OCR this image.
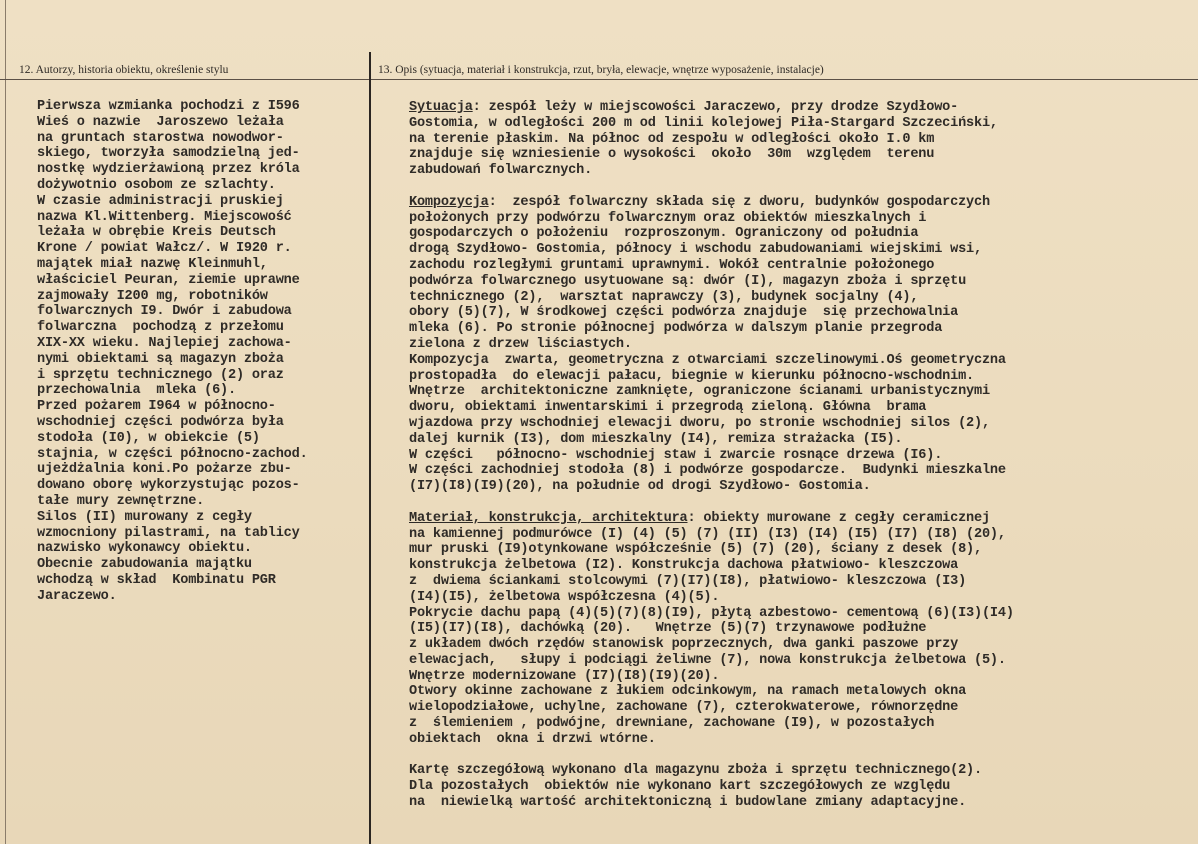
12. Autorzy, historia obiektu, określenie stylu	13. Opis (sytuacja, materiał i konstrukcja, rzut, bryła, elewacje, wnętrze wyposażenie, instalacje)
Pierwsza wzmianka pochodzi z I596
Wieś o nazwie  Jaroszewo leżała
na gruntach starostwa nowodwor-
skiego, tworzyła samodzielną jed-
nostkę wydzierżawioną przez króla
dożywotnio osobom ze szlachty.
W czasie administracji pruskiej
nazwa Kl.Wittenberg. Miejscowość
leżała w obrębie Kreis Deutsch
Krone / powiat Wałcz/. W I920 r.
majątek miał nazwę Kleinmuhl,
właściciel Peuran, ziemie uprawne
zajmowały I200 mg, robotników
folwarcznych I9. Dwór i zabudowa
folwarczna  pochodzą z przełomu
XIX-XX wieku. Najlepiej zachowa-
nymi obiektami są magazyn zboża
i sprzętu technicznego (2) oraz
przechowalnia  mleka (6).
Przed pożarem I964 w północno-
wschodniej części podwórza była
stodoła (I0), w obiekcie (5)
stajnia, w części północno-zachod.
ujeżdżalnia koni.Po pożarze zbu-
dowano oborę wykorzystując pozos-
tałe mury zewnętrzne.
Silos (II) murowany z cegły
wzmocniony pilastrami, na tablicy
nazwisko wykonawcy obiektu.
Obecnie zabudowania majątku
wchodzą w skład  Kombinatu PGR
Jaraczewo.
Sytuacja: zespół leży w miejscowości Jaraczewo, przy drodze Szydłowo-
Gostomia, w odległości 200 m od linii kolejowej Piła-Stargard Szczeciński,
na terenie płaskim. Na północ od zespołu w odległości około I.0 km
znajduje się wzniesienie o wysokości  około  30m  względem  terenu
zabudowań folwarcznych.
Kompozycja:  zespół folwarczny składa się z dworu, budynków gospodarczych
położonych przy podwórzu folwarcznym oraz obiektów mieszkalnych i
gospodarczych o położeniu  rozproszonym. Ograniczony od południa
drogą Szydłowo- Gostomia, północy i wschodu zabudowaniami wiejskimi wsi,
zachodu rozległymi gruntami uprawnymi. Wokół centralnie położonego
podwórza folwarcznego usytuowane są: dwór (I), magazyn zboża i sprzętu
technicznego (2),  warsztat naprawczy (3), budynek socjalny (4),
obory (5)(7), W środkowej części podwórza znajduje  się przechowalnia
mleka (6). Po stronie północnej podwórza w dalszym planie przegroda
zielona z drzew liściastych.
Kompozycja  zwarta, geometryczna z otwarciami szczelinowymi.Oś geometryczna
prostopadła  do elewacji pałacu, biegnie w kierunku północno-wschodnim.
Wnętrze  architektoniczne zamknięte, ograniczone ścianami urbanistycznymi
dworu, obiektami inwentarskimi i przegrodą zieloną. Główna  brama
wjazdowa przy wschodniej elewacji dworu, po stronie wschodniej silos (2),
dalej kurnik (I3), dom mieszkalny (I4), remiza strażacka (I5).
W części   północno- wschodniej staw i zwarcie rosnące drzewa (I6).
W części zachodniej stodoła (8) i podwórze gospodarcze.  Budynki mieszkalne
(I7)(I8)(I9)(20), na południe od drogi Szydłowo- Gostomia.
Materiał, konstrukcja, architektura: obiekty murowane z cegły ceramicznej
na kamiennej podmurówce (I) (4) (5) (7) (II) (I3) (I4) (I5) (I7) (I8) (20),
mur pruski (I9)otynkowane współcześnie (5) (7) (20), ściany z desek (8),
konstrukcja żelbetowa (I2). Konstrukcja dachowa płatwiowo- kleszczowa
z  dwiema ściankami stolcowymi (7)(I7)(I8), płatwiowo- kleszczowa (I3)
(I4)(I5), żelbetowa współczesna (4)(5).
Pokrycie dachu papą (4)(5)(7)(8)(I9), płytą azbestowo- cementową (6)(I3)(I4)
(I5)(I7)(I8), dachówką (20).   Wnętrze (5)(7) trzynawowe podłużne
z układem dwóch rzędów stanowisk poprzecznych, dwa ganki paszowe przy
elewacjach,   słupy i podciągi żeliwne (7), nowa konstrukcja żelbetowa (5).
Wnętrze modernizowane (I7)(I8)(I9)(20).
Otwory okinne zachowane z łukiem odcinkowym, na ramach metalowych okna
wielopodziałowe, uchylne, zachowane (7), czterokwaterowe, równorzędne
z  ślemieniem , podwójne, drewniane, zachowane (I9), w pozostałych
obiektach  okna i drzwi wtórne.
Kartę szczegółową wykonano dla magazynu zboża i sprzętu technicznego(2).
Dla pozostałych  obiektów nie wykonano kart szczegółowych ze względu
na  niewielką wartość architektoniczną i budowlane zmiany adaptacyjne.
